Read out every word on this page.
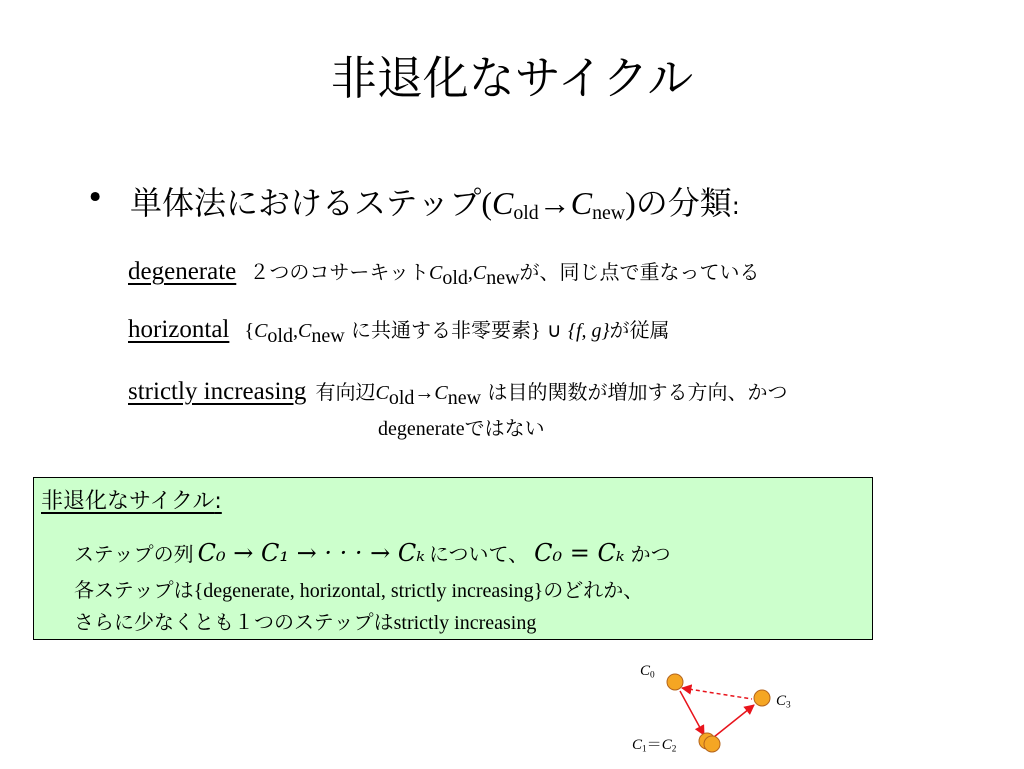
非退化なサイクル
• 単体法におけるステップ$(C_{old}\to C_{new})$の分類:
degenerate ２つのコサーキット$C_{old},C_{new}$が、同じ点で重なっている
horizontal {$C_{old},C_{new}$ に共通する非零要素} ∪ {f, g}が従属
strictly increasing 有向辺$C_{old}\to C_{new}$ は目的関数が増加する方向、かつ
degenerateではない
非退化なサイクル:
ステップの列 C₀ → C₁ → · · · → Cₖ について、 C₀ = Cₖ かつ
各ステップは{degenerate, horizontal, strictly increasing}のどれか、
さらに少なくとも１つのステップはstrictly increasing
$C_0$
$C_3$
$C_1=C_2$
